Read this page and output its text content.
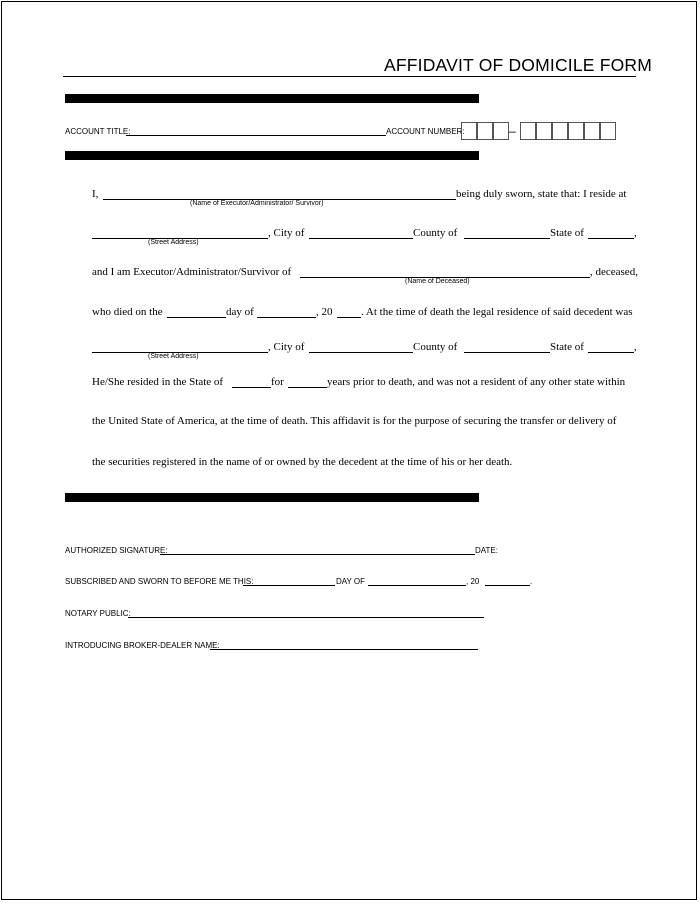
AFFIDAVIT OF DOMICILE FORM
I. ACCOUNT INFORMATION
ACCOUNT TITLE:	ACCOUNT NUMBER:	–
II. DECEDENT'S INFORMATION
I,	being duly sworn, state that: I reside at
(Name of Executor/Administrator/ Survivor)
, City of	County of	State of	,
(Street Address)
and I am Executor/Administrator/Survivor of	, deceased,
(Name of Deceased)
who died on the	day of	, 20	. At the time of death the legal residence of said decedent was
, City of	County of	State of	,
(Street Address)
He/She resided in the State of	for	years prior to death, and was not a resident of any other state within
the United State of America, at the time of death. This affidavit is for the purpose of securing the transfer or delivery of
the securities registered in the name of or owned by the decedent at the time of his or her death.
III. SIGNATURE
AUTHORIZED SIGNATURE:	DATE:
SUBSCRIBED AND SWORN TO BEFORE ME THIS:	DAY OF	, 20	.
NOTARY PUBLIC:
INTRODUCING BROKER-DEALER NAME:
